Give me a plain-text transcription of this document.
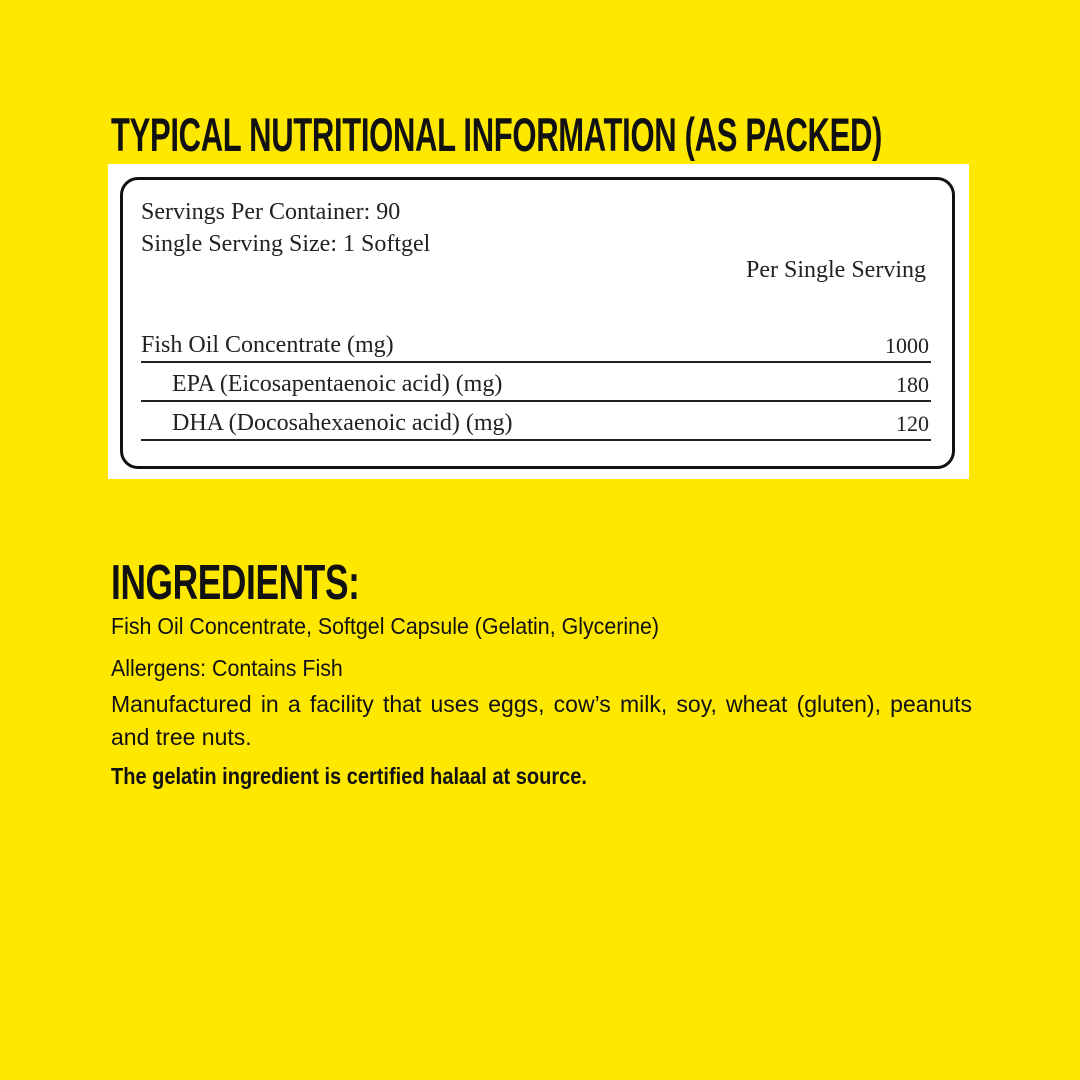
TYPICAL NUTRITIONAL INFORMATION (AS PACKED)
Servings Per Container: 90
Single Serving Size: 1 Softgel
Per Single Serving
Fish Oil Concentrate (mg)	1000
EPA (Eicosapentaenoic acid) (mg)	180
DHA (Docosahexaenoic acid) (mg)	120
INGREDIENTS:

Fish Oil Concentrate, Softgel Capsule (Gelatin, Glycerine)

Allergens: Contains Fish

Manufactured in a facility that uses eggs, cow’s milk, soy, wheat (gluten), peanuts and tree nuts.

The gelatin ingredient is certified halaal at source.
